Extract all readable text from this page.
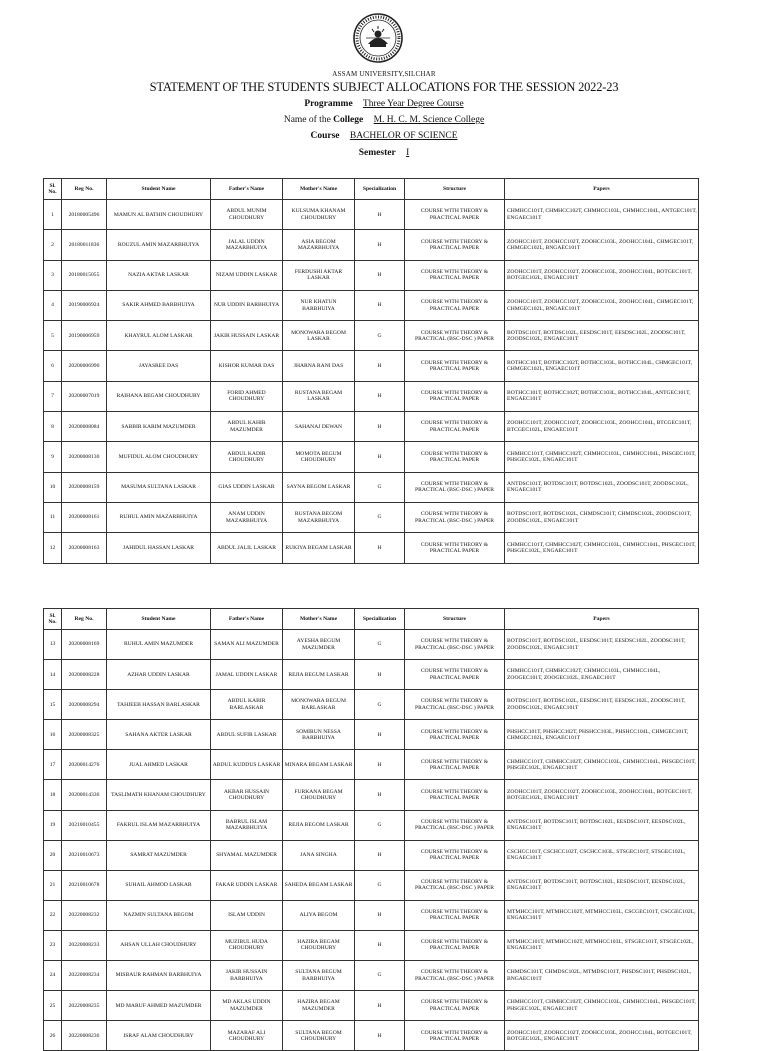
ASSAM UNIVERSITY,SILCHAR
STATEMENT OF THE STUDENTS SUBJECT ALLOCATIONS FOR THE SESSION 2022-23
Programme Three Year Degree Course
Name of the College M. H. C. M. Science College
Course BACHELOR OF SCIENCE
Semester I
Sl. No.	Reg No.	Student Name	Father's Name	Mother's Name	Specialization	Structure	Papers
1	20180005496	MAMUN AL BATHIN CHOUDHURY	ABDUL MUNIM CHOUDHURY	KULSUMA KHANAM CHOUDHURY	H	COURSE WITH THEORY & PRACTICAL PAPER	CHMHCC101T, CHMHCC102T, CHMHCC103L, CHMHCC104L, ANTGEC101T, ENGAEC101T
2	20180011836	ROUZUL AMIN MAZARBHUIYA	JALAL UDDIN MAZARBHUIYA	ASIA BEGOM MAZARBHUIYA	H	COURSE WITH THEORY & PRACTICAL PAPER	ZOOHCC101T, ZOOHCC102T, ZOOHCC103L, ZOOHCC104L, CHMGEC101T, CHMGEC102L, BNGAEC101T
3	20180015055	NAZIA AKTAR LASKAR	NIZAM UDDIN LASKAR	FERDUSHI AKTAR LASKAR	H	COURSE WITH THEORY & PRACTICAL PAPER	ZOOHCC101T, ZOOHCC102T, ZOOHCC103L, ZOOHCC104L, BOTGEC101T, BOTGEC102L, ENGAEC101T
4	20190006924	SAKIR AHMED BARBHUIYA	NUR UDDIN BARBHUIYA	NUR KHATUN BARBHUIYA	H	COURSE WITH THEORY & PRACTICAL PAPER	ZOOHCC101T, ZOOHCC102T, ZOOHCC103L, ZOOHCC104L, CHMGEC101T, CHMGEC102L, BNGAEC101T
5	20190006959	KHAYRUL ALOM LASKAR	JAKIR HUSSAIN LASKAR	MONOWARA BEGOM LASKAR	G	COURSE WITH THEORY & PRACTICAL (BSC-DSC ) PAPER	BOTDSC101T, BOTDSC102L, EESDSC101T, EESDSC102L, ZOODSC101T, ZOODSC102L, ENGAEC101T
6	20200006990	JAYASREE DAS	KISHOR KUMAR DAS	JHARNA RANI DAS	H	COURSE WITH THEORY & PRACTICAL PAPER	BOTHCC101T, BOTHCC102T, BOTHCC103L, BOTHCC104L, CHMGEC101T, CHMGEC102L, ENGAEC101T
7	20200007019	RAIHANA BEGAM CHOUDHURY	FORID AHMED CHOUDHURY	RUSTANA BEGAM LASKAR	H	COURSE WITH THEORY & PRACTICAL PAPER	BOTHCC101T, BOTHCC102T, BOTHCC103L, BOTHCC104L, ANTGEC101T, ENGAEC101T
8	20200008084	SABBIR KARIM MAZUMDER	ABDUL KAHIR MAZUMDER	SAHANAJ DEWAN	H	COURSE WITH THEORY & PRACTICAL PAPER	ZOOHCC101T, ZOOHCC102T, ZOOHCC103L, ZOOHCC104L, BTCGEC101T, BTCGEC102L, ENGAEC101T
9	20200008130	MUFIDUL ALOM CHOUDHURY	ABDUL KADIR CHOUDHURY	MOMOTA BEGUM CHOUDHURY	H	COURSE WITH THEORY & PRACTICAL PAPER	CHMHCC101T, CHMHCC102T, CHMHCC103L, CHMHCC104L, PHSGEC101T, PHSGEC102L, ENGAEC101T
10	20200008159	MASUMA SULTANA LASKAR	GIAS UDDIN LASKAR	SAYNA BEGOM LASKAR	G	COURSE WITH THEORY & PRACTICAL (BSC-DSC ) PAPER	ANTDSC101T, BOTDSC101T, BOTDSC102L, ZOODSC101T, ZOODSC102L, ENGAEC101T
11	20200008161	RUHUL AMIN MAZARBHUIYA	ANAM UDDIN MAZARBHUIYA	RUSTANA BEGOM MAZARBHUIYA	G	COURSE WITH THEORY & PRACTICAL (BSC-DSC ) PAPER	BOTDSC101T, BOTDSC102L, CHMDSC101T, CHMDSC102L, ZOODSC101T, ZOODSC102L, ENGAEC101T
12	20200008163	JAHIDUL HASSAN LASKAR	ABDUL JALIL LASKAR	RUKIYA BEGAM LASKAR	H	COURSE WITH THEORY & PRACTICAL PAPER	CHMHCC101T, CHMHCC102T, CHMHCC103L, CHMHCC104L, PHSGEC101T, PHSGEC102L, ENGAEC101T
Sl. No.	Reg No.	Student Name	Father's Name	Mother's Name	Specialization	Structure	Papers
13	20200008169	RUHUL AMIN MAZUMDER	SAMAN ALI MAZUMDER	AYESHA BEGUM MAZUMDER	G	COURSE WITH THEORY & PRACTICAL (BSC-DSC ) PAPER	BOTDSC101T, BOTDSC102L, EESDSC101T, EESDSC102L, ZOODSC101T, ZOODSC102L, ENGAEC101T
14	20200008228	AZHAR UDDIN LASKAR	JAMAL UDDIN LASKAR	REJIA BEGUM LASKAR	H	COURSE WITH THEORY & PRACTICAL PAPER	CHMHCC101T, CHMHCC102T, CHMHCC103L, CHMHCC104L, ZOOGEC101T, ZOOGEC102L, ENGAEC101T
15	20200008294	TAHJEEB HASSAN BARLASKAR	ABDUL KABIR BARLASKAR	MONOWARA BEGUM BARLASKAR	G	COURSE WITH THEORY & PRACTICAL (BSC-DSC ) PAPER	BOTDSC101T, BOTDSC102L, EESDSC101T, EESDSC102L, ZOODSC101T, ZOODSC102L, ENGAEC101T
16	20200008325	SAHANA AKTER LASKAR	ABDUL SUFIR LASKAR	SOMIRUN NESSA BARBHUIYA	H	COURSE WITH THEORY & PRACTICAL PAPER	PHSHCC101T, PHSHCC102T, PHSHCC103L, PHSHCC104L, CHMGEC101T, CHMGEC102L, ENGAEC101T
17	20200014276	JUAL AHMED LASKAR	ABDUL KUDDUS LASKAR	MINARA BEGAM LASKAR	H	COURSE WITH THEORY & PRACTICAL PAPER	CHMHCC101T, CHMHCC102T, CHMHCC103L, CHMHCC104L, PHSGEC101T, PHSGEC102L, ENGAEC101T
18	20200014336	TASLIMATH KHANAM CHOUDHURY	AKBAR HUSSAIN CHOUDHURY	FURKANA BEGAM CHOUDHURY	H	COURSE WITH THEORY & PRACTICAL PAPER	ZOOHCC101T, ZOOHCC102T, ZOOHCC103L, ZOOHCC104L, BOTGEC101T, BOTGEC102L, ENGAEC101T
19	20210010455	FAKRUL ISLAM MAZARBHUIYA	BABRUL ISLAM MAZARBHUIYA	REJIA BEGOM LASKAR	G	COURSE WITH THEORY & PRACTICAL (BSC-DSC ) PAPER	ANTDSC101T, BOTDSC101T, BOTDSC102L, EESDSC101T, EESDSC102L, ENGAEC101T
20	20210010673	SAMRAT MAZUMDER	SHYAMAL MAZUMDER	JANA SINGHA	H	COURSE WITH THEORY & PRACTICAL PAPER	CSCHCC101T, CSCHCC102T, CSCHCC103L, STSGEC101T, STSGEC102L, ENGAEC101T
21	20210010678	SUHAIL AHMOD LASKAR	FAKAR UDDIN LASKAR	SAHEDA BEGAM LASKAR	G	COURSE WITH THEORY & PRACTICAL (BSC-DSC ) PAPER	ANTDSC101T, BOTDSC101T, BOTDSC102L, EESDSC101T, EESDSC102L, ENGAEC101T
22	20220008232	NAZMIN SULTANA BEGOM	ISLAM UDDIN	ALIYA BEGOM	H	COURSE WITH THEORY & PRACTICAL PAPER	MTMHCC101T, MTMHCC102T, MTMHCC103L, CSCGEC101T, CSCGEC102L, ENGAEC101T
23	20220008233	AHSAN ULLAH CHOUDHURY	MUZIBUL HUDA CHOUDHURY	HAZIRA BEGAM CHOUDHURY	H	COURSE WITH THEORY & PRACTICAL PAPER	MTMHCC101T, MTMHCC102T, MTMHCC103L, STSGEC101T, STSGEC102L, ENGAEC101T
24	20220008234	MISBAUR RAHMAN BARBHUIYA	JAKIR HUSSAIN BARBHUIYA	SULTANA BEGUM BARBHUIYA	G	COURSE WITH THEORY & PRACTICAL (BSC-DSC ) PAPER	CHMDSC101T, CHMDSC102L, MTMDSC101T, PHSDSC101T, PHSDSC102L, BNGAEC101T
25	20220008235	MD MARUF AHMED MAZUMDER	MD AKLAS UDDIN MAZUMDER	HAZIRA BEGAM MAZUMDER	H	COURSE WITH THEORY & PRACTICAL PAPER	CHMHCC101T, CHMHCC102T, CHMHCC103L, CHMHCC104L, PHSGEC101T, PHSGEC102L, ENGAEC101T
26	20220008236	ISRAF ALAM CHOUDHURY	MAZARAF ALI CHOUDHURY	SULTANA BEGOM CHOUDHURY	H	COURSE WITH THEORY & PRACTICAL PAPER	ZOOHCC101T, ZOOHCC102T, ZOOHCC103L, ZOOHCC104L, BOTGEC101T, BOTGEC102L, ENGAEC101T
